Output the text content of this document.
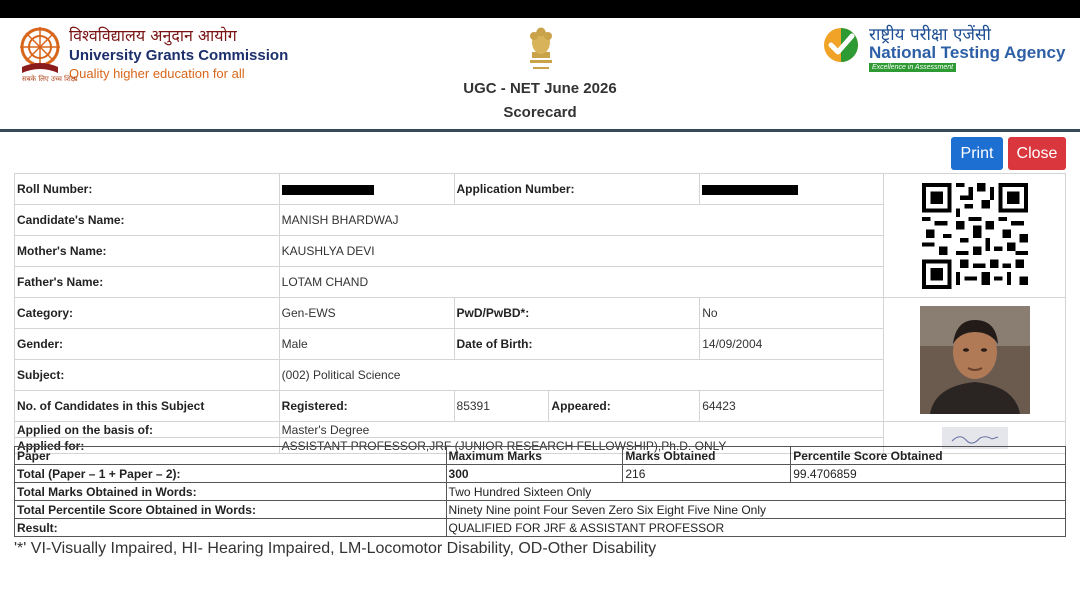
विश्वविद्यालय अनुदान आयोग
University Grants Commission
Quality higher education for all
सबके लिए उच्च शिक्षा
UGC - NET June 2026
Scorecard
राष्ट्रीय परीक्षा एजेंसी
National Testing Agency
Excellence in Assessment
Print	Close
Roll Number:		Application Number:		

Candidate's Name:	MANISH BHARDWAJ				
Mother's Name:	KAUSHLYA DEVI				
Father's Name:	LOTAM CHAND				
Category:	Gen-EWS	PwD/PwBD*:		No	

Gender:	Male	Date of Birth:		14/09/2004	
Subject:	(002) Political Science				
No. of Candidates in this Subject	Registered:	85391	Appeared:	64423	
Applied on the basis of:	Master's Degree	

Applied for:	ASSISTANT PROFESSOR,JRF (JUNIOR RESEARCH FELLOWSHIP),Ph.D. ONLY				
Paper	Maximum Marks	Marks Obtained	Percentile Score Obtained
Total (Paper – 1 + Paper – 2):	300	216	99.4706859
Total Marks Obtained in Words:	Two Hundred Sixteen Only		
Total Percentile Score Obtained in Words:	Ninety Nine point Four Seven Zero Six Eight Five Nine Only		
Result:	QUALIFIED FOR JRF & ASSISTANT PROFESSOR		
'*' VI-Visually Impaired, HI- Hearing Impaired, LM-Locomotor Disability, OD-Other Disability
